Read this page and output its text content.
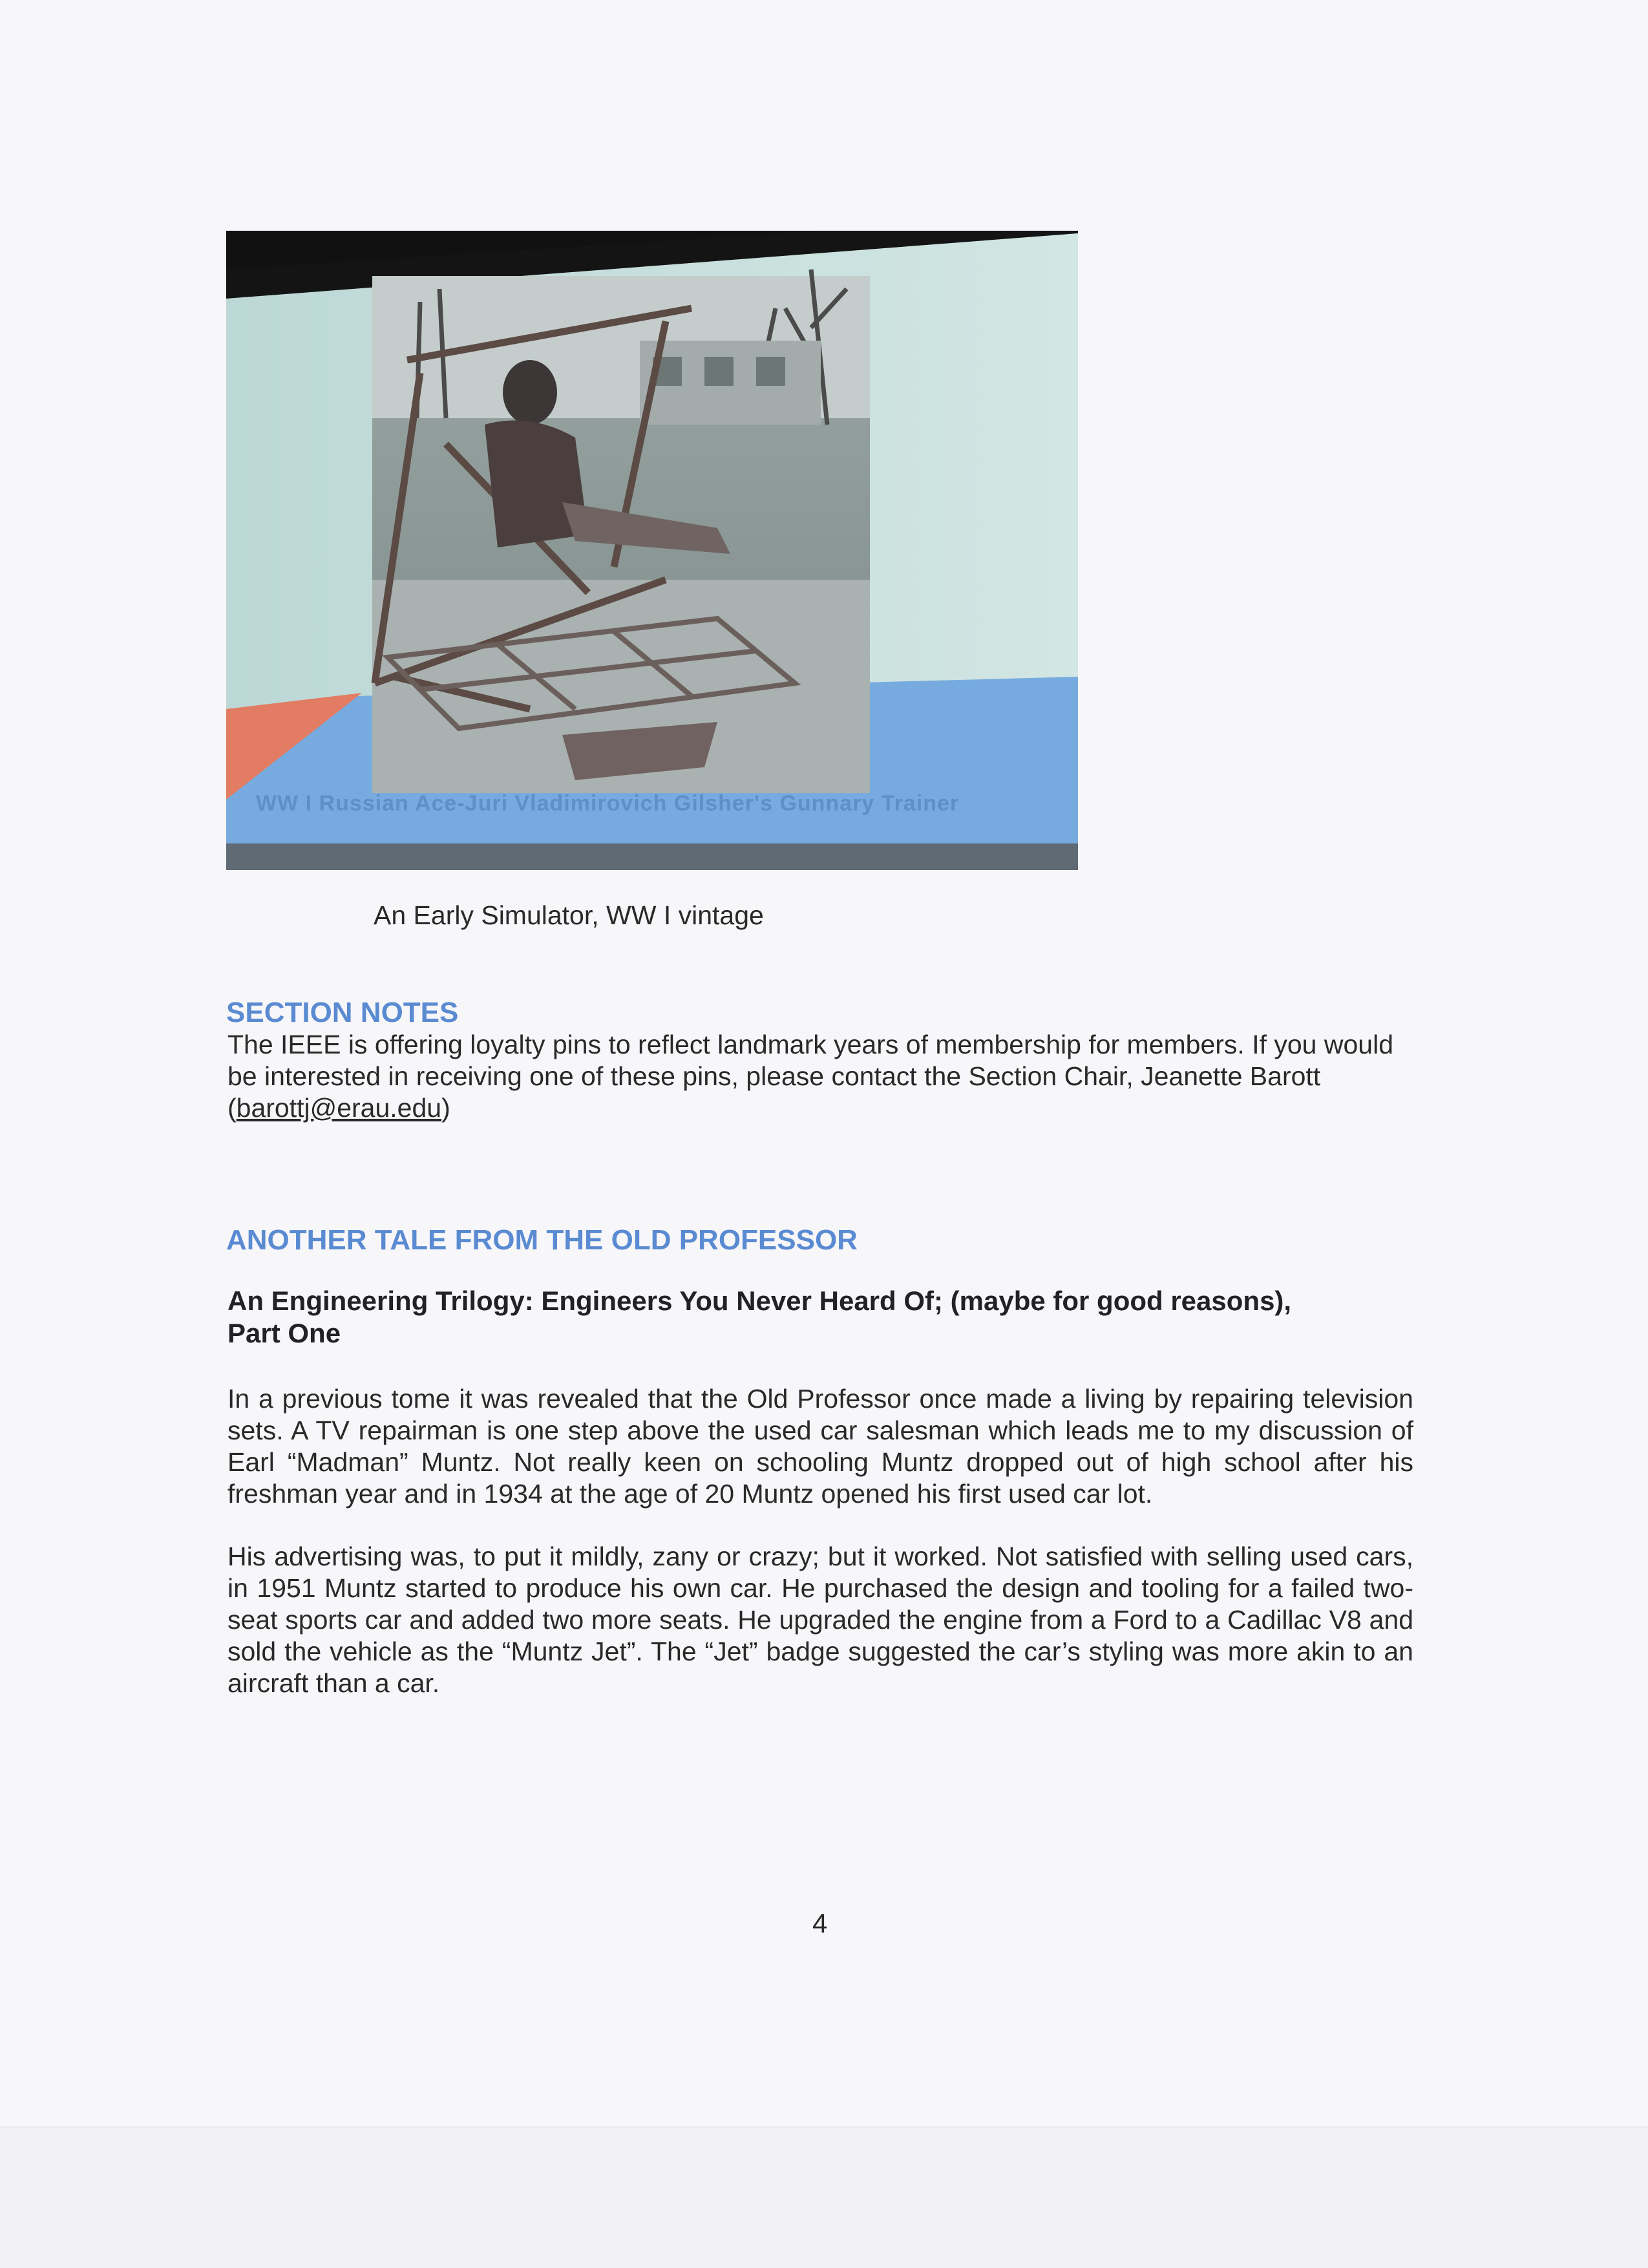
WW I Russian Ace-Juri Vladimirovich Gilsher's Gunnary Trainer
An Early Simulator, WW I vintage
SECTION NOTES
The IEEE is offering loyalty pins to reflect landmark years of membership for members. If you would be interested in receiving one of these pins, please contact the Section Chair, Jeanette Barott (barottj@erau.edu)
ANOTHER TALE FROM THE OLD PROFESSOR
An Engineering Trilogy: Engineers You Never Heard Of; (maybe for good reasons),
Part One
In a previous tome it was revealed that the Old Professor once made a living by repairing television sets. A TV repairman is one step above the used car salesman which leads me to my discussion of Earl “Madman” Muntz. Not really keen on schooling Muntz dropped out of high school after his freshman year and in 1934 at the age of 20 Muntz opened his first used car lot.
His advertising was, to put it mildly, zany or crazy; but it worked. Not satisfied with selling used cars, in 1951 Muntz started to produce his own car. He purchased the design and tooling for a failed two-seat sports car and added two more seats. He upgraded the engine from a Ford to a Cadillac V8 and sold the vehicle as the “Muntz Jet”. The “Jet” badge suggested the car’s styling was more akin to an aircraft than a car.
4
